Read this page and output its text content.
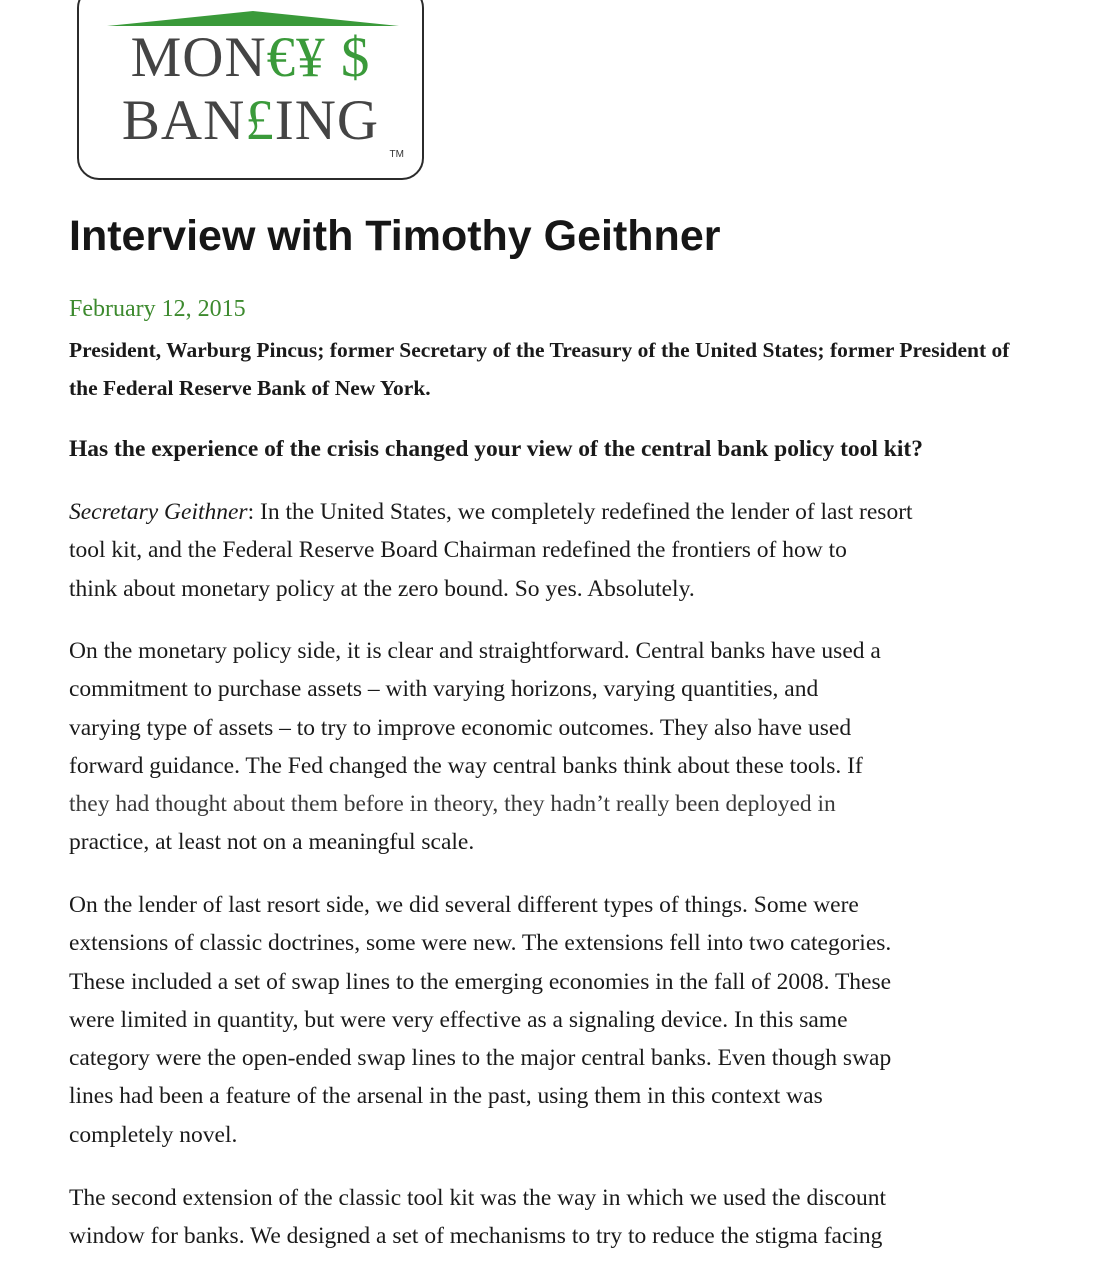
MON€¥ $
BAN£ING
TM
Interview with Timothy Geithner
February 12, 2015
President, Warburg Pincus; former Secretary of the Treasury of the United States; former President of the Federal Reserve Bank of New York.
Has the experience of the crisis changed your view of the central bank policy tool kit?
Secretary Geithner: In the United States, we completely redefined the lender of last resort
tool kit, and the Federal Reserve Board Chairman redefined the frontiers of how to
think about monetary policy at the zero bound. So yes. Absolutely.
On the monetary policy side, it is clear and straightforward. Central banks have used a
commitment to purchase assets – with varying horizons, varying quantities, and
varying type of assets – to try to improve economic outcomes. They also have used
forward guidance. The Fed changed the way central banks think about these tools. If
they had thought about them before in theory, they hadn’t really been deployed in
practice, at least not on a meaningful scale.
On the lender of last resort side, we did several different types of things. Some were
extensions of classic doctrines, some were new. The extensions fell into two categories.
These included a set of swap lines to the emerging economies in the fall of 2008. These
were limited in quantity, but were very effective as a signaling device. In this same
category were the open-ended swap lines to the major central banks. Even though swap
lines had been a feature of the arsenal in the past, using them in this context was
completely novel.
The second extension of the classic tool kit was the way in which we used the discount
window for banks. We designed a set of mechanisms to try to reduce the stigma facing
